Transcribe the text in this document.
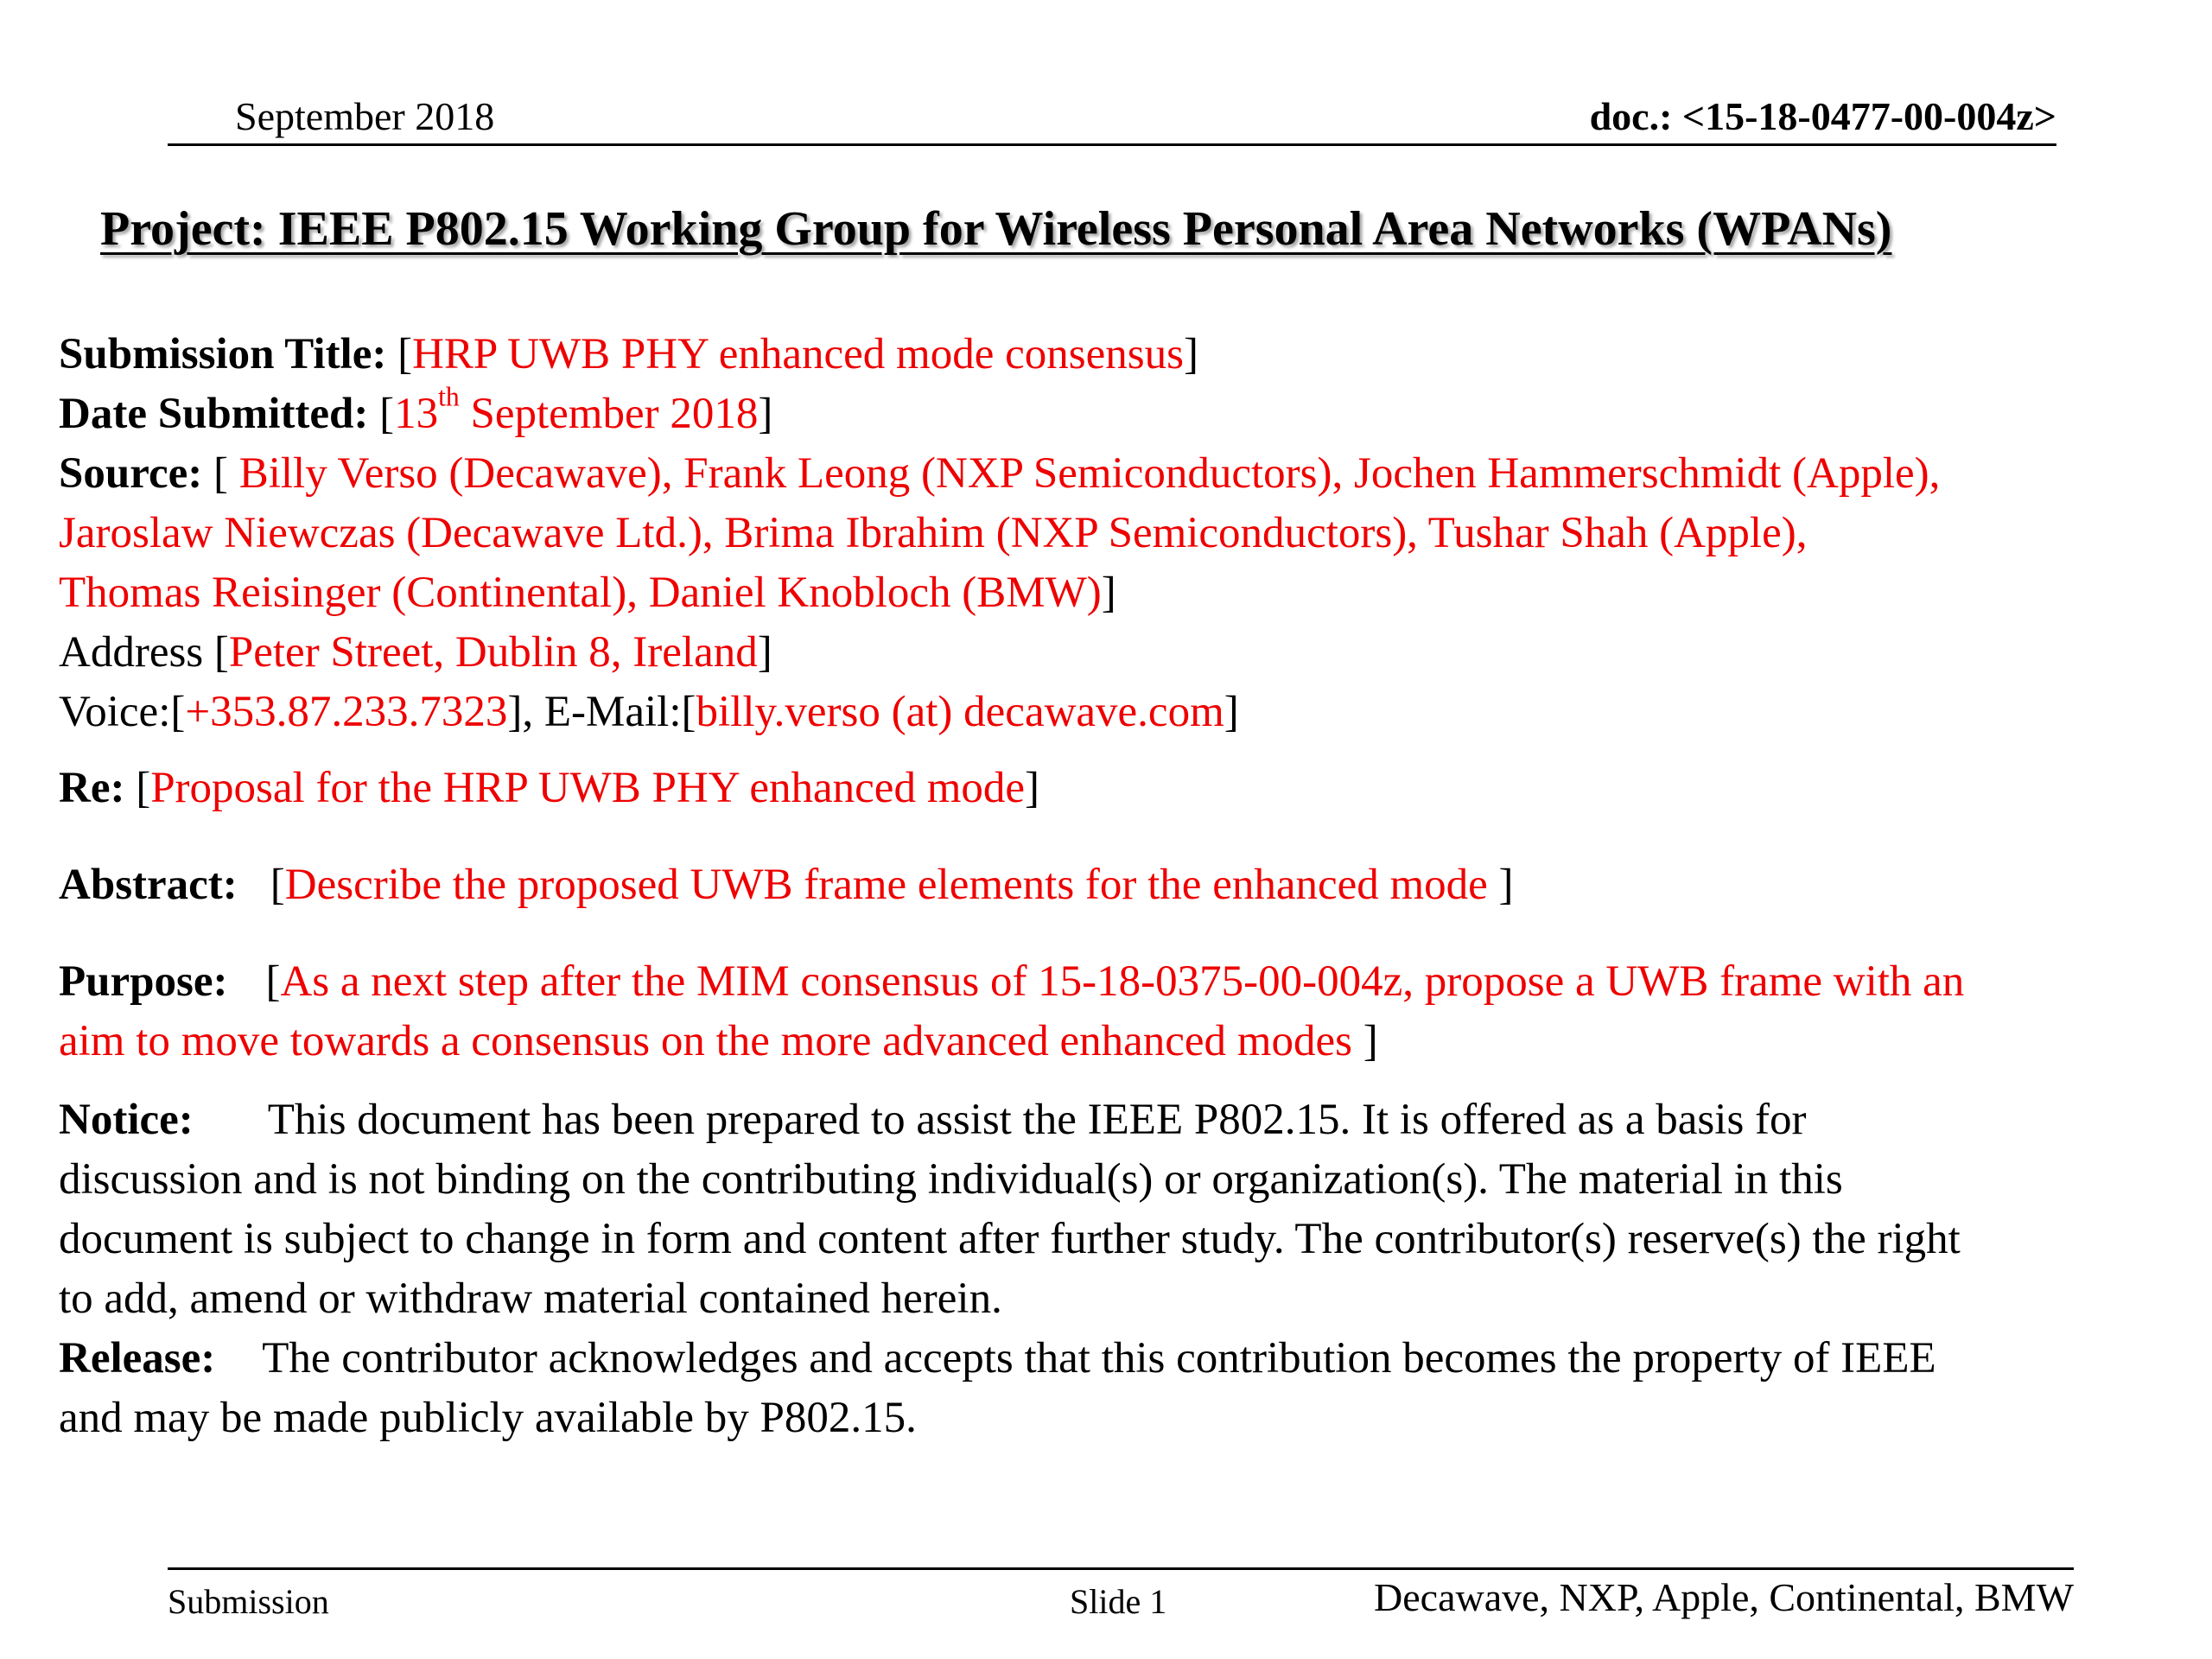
September 2018	doc.: <15-18-0477-00-004z>
Project: IEEE P802.15 Working Group for Wireless Personal Area Networks (WPANs)
Submission Title: [HRP UWB PHY enhanced mode consensus]
Date Submitted: [13th September 2018]
Source: [ Billy Verso (Decawave), Frank Leong (NXP Semiconductors), Jochen Hammerschmidt (Apple),
Jaroslaw Niewczas (Decawave Ltd.), Brima Ibrahim (NXP Semiconductors), Tushar Shah (Apple),
Thomas Reisinger (Continental), Daniel Knobloch (BMW)]
Address [Peter Street, Dublin 8, Ireland]
Voice:[+353.87.233.7323], E-Mail:[billy.verso (at) decawave.com]
Re: [Proposal for the HRP UWB PHY enhanced mode]
Abstract: [Describe the proposed UWB frame elements for the enhanced mode ]
Purpose: [As a next step after the MIM consensus of 15-18-0375-00-004z, propose a UWB frame with an
aim to move towards a consensus on the more advanced enhanced modes ]
Notice: This document has been prepared to assist the IEEE P802.15. It is offered as a basis for
discussion and is not binding on the contributing individual(s) or organization(s). The material in this
document is subject to change in form and content after further study. The contributor(s) reserve(s) the right
to add, amend or withdraw material contained herein.
Release: The contributor acknowledges and accepts that this contribution becomes the property of IEEE
and may be made publicly available by P802.15.
Submission	Slide 1	Decawave, NXP, Apple, Continental, BMW
